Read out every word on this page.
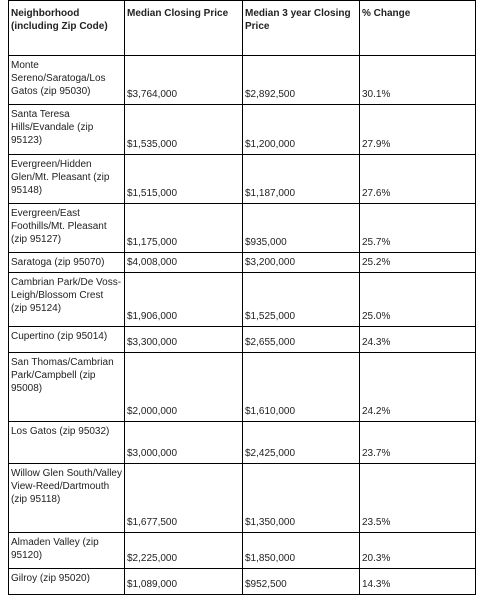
Neighborhood (including Zip Code)	Median Closing Price	Median 3 year Closing Price	% Change
Monte Sereno/Saratoga/Los Gatos (zip 95030)	$3,764,000	$2,892,500	30.1%
Santa Teresa Hills/Evandale (zip 95123)	$1,535,000	$1,200,000	27.9%
Evergreen/Hidden Glen/Mt. Pleasant (zip 95148)	$1,515,000	$1,187,000	27.6%
Evergreen/East Foothills/Mt. Pleasant (zip 95127)	$1,175,000	$935,000	25.7%
Saratoga (zip 95070)	$4,008,000	$3,200,000	25.2%
Cambrian Park/De Voss-Leigh/Blossom Crest (zip 95124)	$1,906,000	$1,525,000	25.0%
Cupertino (zip 95014)	$3,300,000	$2,655,000	24.3%
San Thomas/Cambrian Park/Campbell (zip 95008)	$2,000,000	$1,610,000	24.2%
Los Gatos (zip 95032)	$3,000,000	$2,425,000	23.7%
Willow Glen South/Valley View-Reed/Dartmouth (zip 95118)	$1,677,500	$1,350,000	23.5%
Almaden Valley (zip 95120)	$2,225,000	$1,850,000	20.3%
Gilroy (zip 95020)	$1,089,000	$952,500	14.3%
